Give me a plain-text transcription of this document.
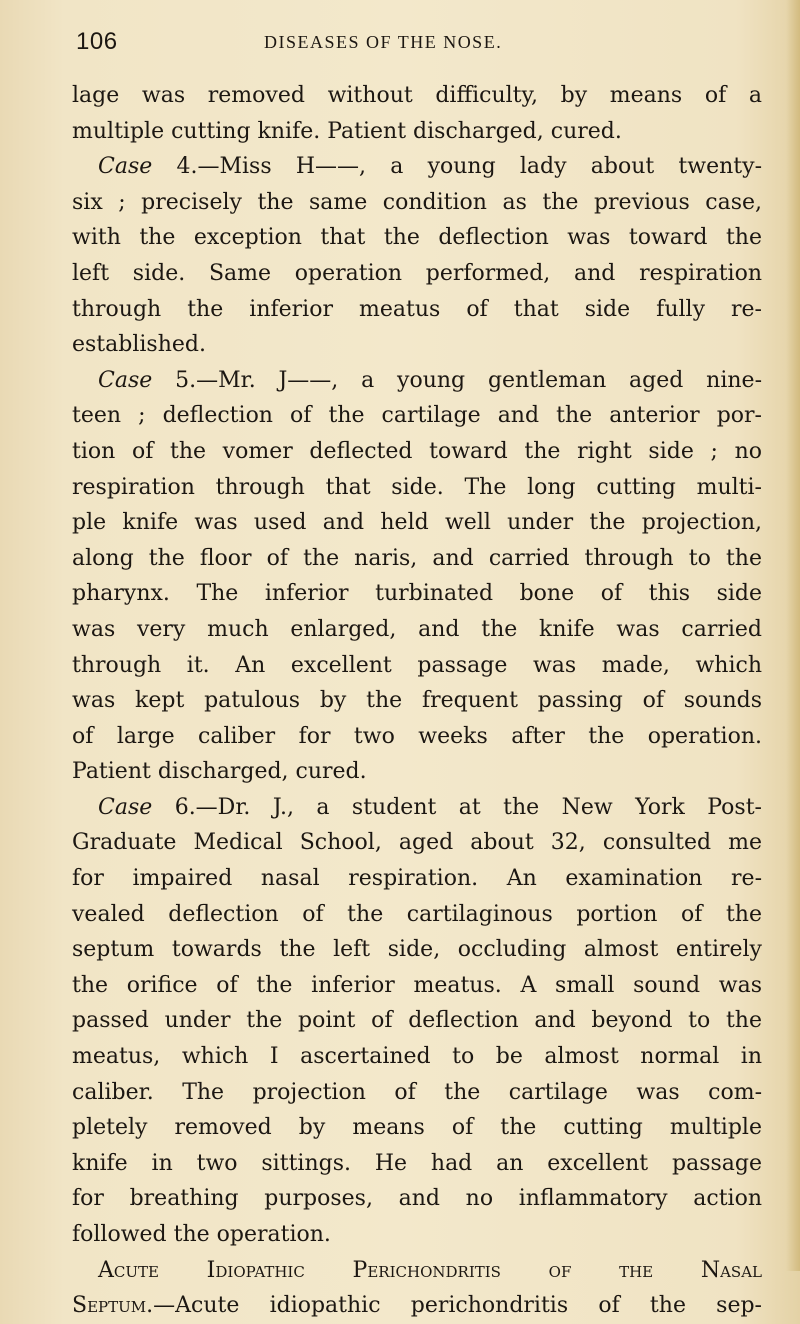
106	DISEASES OF THE NOSE.
lage was removed without difficulty, by means of a
multiple cutting knife. Patient discharged, cured.
Case 4.—Miss H——, a young lady about twenty-
six ; precisely the same condition as the previous case,
with the exception that the deflection was toward the
left side. Same operation performed, and respiration
through the inferior meatus of that side fully re-
established.
Case 5.—Mr. J——, a young gentleman aged nine-
teen ; deflection of the cartilage and the anterior por-
tion of the vomer deflected toward the right side ; no
respiration through that side. The long cutting multi-
ple knife was used and held well under the projection,
along the floor of the naris, and carried through to the
pharynx. The inferior turbinated bone of this side
was very much enlarged, and the knife was carried
through it. An excellent passage was made, which
was kept patulous by the frequent passing of sounds
of large caliber for two weeks after the operation.
Patient discharged, cured.
Case 6.—Dr. J., a student at the New York Post-
Graduate Medical School, aged about 32, consulted me
for impaired nasal respiration. An examination re-
vealed deflection of the cartilaginous portion of the
septum towards the left side, occluding almost entirely
the orifice of the inferior meatus. A small sound was
passed under the point of deflection and beyond to the
meatus, which I ascertained to be almost normal in
caliber. The projection of the cartilage was com-
pletely removed by means of the cutting multiple
knife in two sittings. He had an excellent passage
for breathing purposes, and no inflammatory action
followed the operation.
Acute Idiopathic Perichondritis of the Nasal
Septum.—Acute idiopathic perichondritis of the sep-
